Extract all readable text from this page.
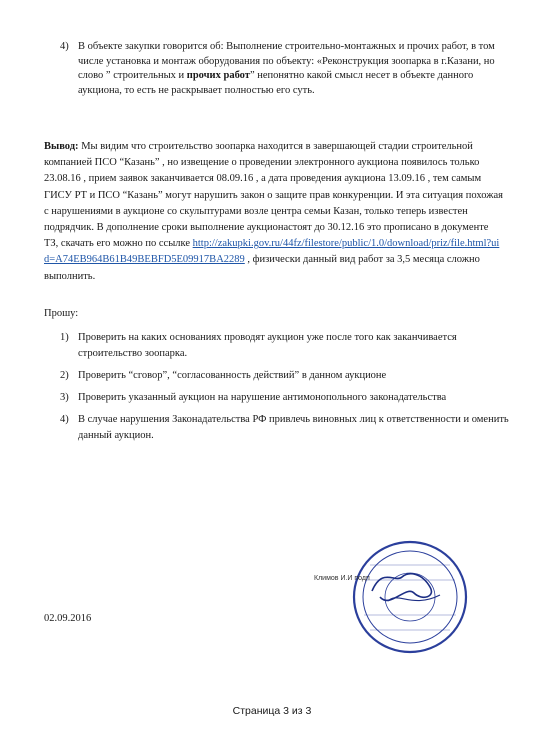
4) В объекте закупки говорится об: Выполнение строительно-монтажных и прочих работ, в том числе установка и монтаж оборудования по объекту: «Реконструкция зоопарка в г.Казани, но слово ” строительных и прочих работ” непонятно какой смысл несет в объекте данного аукциона, то есть не раскрывает полностью его суть.
Вывод: Мы видим что строительство зоопарка находится в завершающей стадии строительной компанией ПСО “Казань” , но извещение о проведении электронного аукциона появилось только 23.08.16 , прием заявок заканчивается 08.09.16 , а дата проведения аукциона 13.09.16 , тем самым ГИСУ РТ и ПСО “Казань” могут нарушить закон о защите прав конкуренции. И эта ситуация похожая с нарушениями в аукционе со скульптурами возле центра семьи Казан, только теперь известен подрядчик. В дополнение сроки выполнение аукционастоят до 30.12.16 это прописано в документе ТЗ, скачать его можно по ссылке http://zakupki.gov.ru/44fz/filestore/public/1.0/download/priz/file.html?uid=A74EB964B61B49BEBFD5E09917BA2289 , физически данный вид работ за 3,5 месяца сложно выполнить.
Прошу:
1) Проверить на каких основаниях проводят аукцион уже после того как заканчивается строительство зоопарка.
2) Проверить “сговор”, “согласованность действий” в данном аукционе
3) Проверить указанный аукцион на нарушение антимонопольного законадательства
4) В случае нарушения Законадательства РФ привлечь виновных лиц к ответственности и оменить данный аукцион.
Климов И.И подп
02.09.2016
Страница 3 из 3
